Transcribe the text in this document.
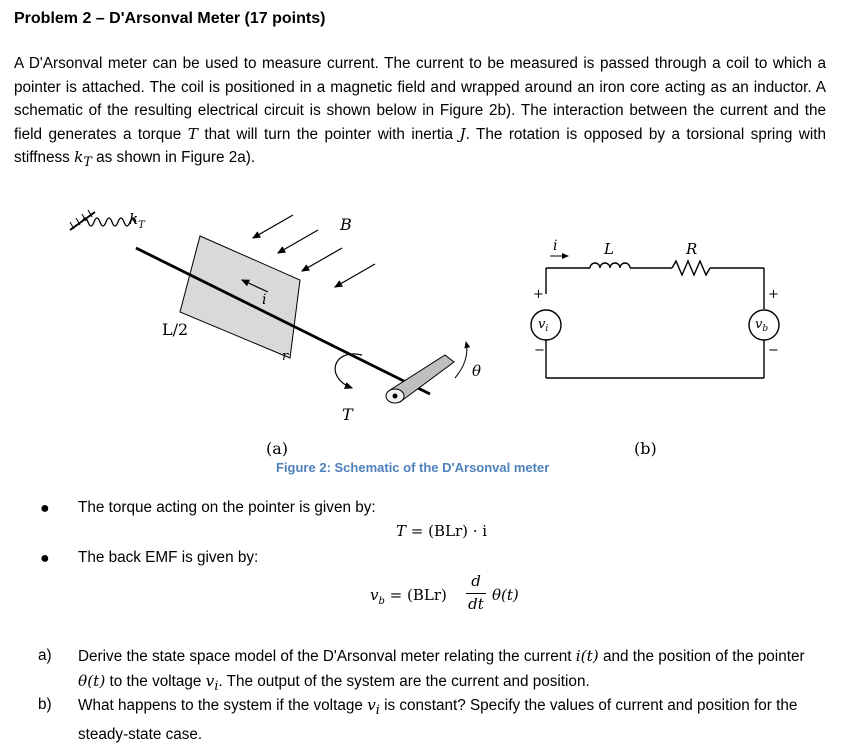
Problem 2 – D'Arsonval Meter (17 points)

A D'Arsonval meter can be used to measure current. The current to be measured is passed through a coil to which a pointer is attached. The coil is positioned in a magnetic field and wrapped around an iron core acting as an inductor. A schematic of the resulting electrical circuit is shown below in Figure 2b). The interaction between the current and the field generates a torque T that will turn the pointer with inertia J. The rotation is opposed by a torsional spring with stiffness $k_T$ as shown in Figure 2a).

$k_T$	B
i
L/2
r
T
θ
(a)
i	L	R
+
−
$v_i$
+
−
$v_b$
(b)
Figure 2: Schematic of the D'Arsonval meter
● The torque acting on the pointer is given by:
T = (BLr) · i
● The back EMF is given by:
$v_b = (BLr)$
d
dt θ(t)
a) Derive the state space model of the D'Arsonval meter relating the current i(t) and the position of the pointer θ(t) to the voltage $v_i$. The output of the system are the current and position.
b) What happens to the system if the voltage $v_i$ is constant? Specify the values of current and position for the steady-state case.
